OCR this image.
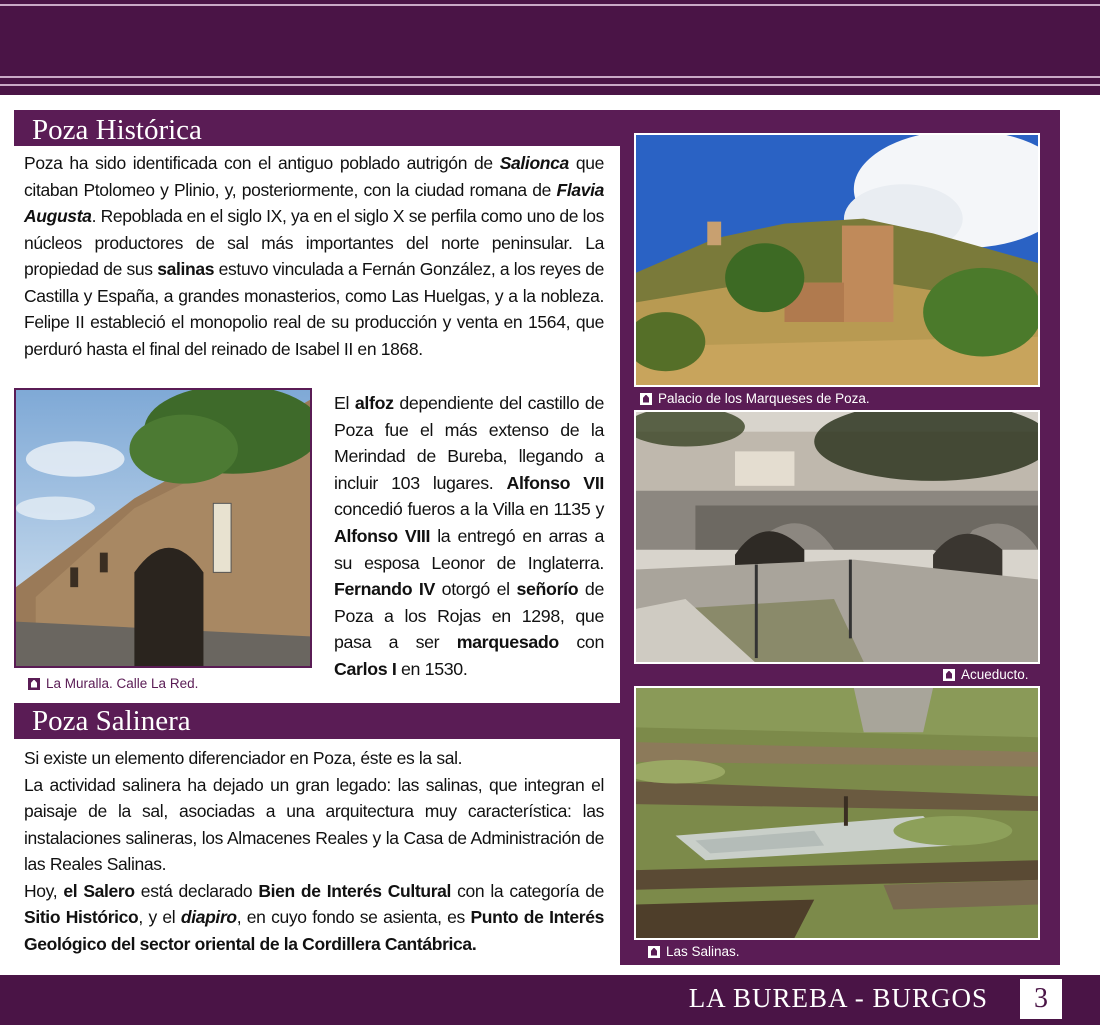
Poza Histórica

Poza ha sido identificada con el antiguo poblado autrigón de Salionca que citaban Ptolomeo y Plinio, y, posteriormente, con la ciudad romana de Flavia Augusta. Repoblada en el siglo IX, ya en el siglo X se perfila como uno de los núcleos productores de sal más importantes del norte peninsular. La propiedad de sus salinas estuvo vinculada a Fernán González, a los reyes de Castilla y España, a grandes monasterios, como Las Huelgas, y a la nobleza. Felipe II estableció el monopolio real de su producción y venta en 1564, que perduró hasta el final del reinado de Isabel II en 1868.

La Muralla. Calle La Red.

El alfoz dependiente del castillo de Poza fue el más extenso de la Merindad de Bureba, llegando a incluir 103 lugares. Alfonso VII concedió fueros a la Villa en 1135 y Alfonso VIII la entregó en arras a su esposa Leonor de Inglaterra. Fernando IV otorgó el señorío de Poza a los Rojas en 1298, que pasa a ser marquesado con Carlos I en 1530.

Poza Salinera

Si existe un elemento diferenciador en Poza, éste es la sal.

La actividad salinera ha dejado un gran legado: las salinas, que integran el paisaje de la sal, asociadas a una arquitectura muy característica: las instalaciones salineras, los Almacenes Reales y la Casa de Administración de las Reales Salinas.

Hoy, el Salero está declarado Bien de Interés Cultural con la categoría de Sitio Histórico, y el diapiro, en cuyo fondo se asienta, es Punto de Interés Geológico del sector oriental de la Cordillera Cantábrica.

Palacio de los Marqueses de Poza.
Acueducto.
Las Salinas.
LA BUREBA - BURGOS	3
